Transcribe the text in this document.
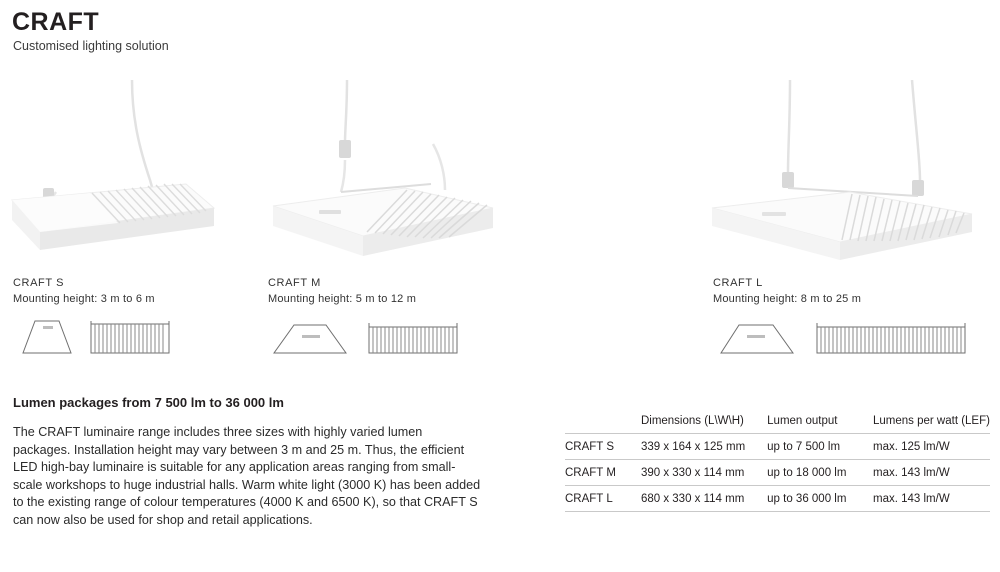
CRAFT
Customised lighting solution
CRAFT S
Mounting height: 3 m to 6 m
CRAFT M
Mounting height: 5 m to 12 m
CRAFT L
Mounting height: 8 m to 25 m
Lumen packages from 7 500 lm to 36 000 lm
The CRAFT luminaire range includes three sizes with highly varied lumen packages. Installation height may vary between 3 m and 25 m. Thus, the efficient LED high-bay luminaire is suitable for any application areas ranging from small-scale workshops to huge industrial halls. Warm white light (3000 K) has been added to the existing range of colour temperatures (4000 K and 6500 K), so that CRAFT S can now also be used for shop and retail applications.
	Dimensions (L\W\H)	Lumen output	Lumens per watt (LEF)
CRAFT S	339 x 164 x 125 mm	up to 7 500 lm	max. 125 lm/W
CRAFT M	390 x 330 x 114 mm	up to 18 000 lm	max. 143 lm/W
CRAFT L	680 x 330 x 114 mm	up to 36 000 lm	max. 143 lm/W
